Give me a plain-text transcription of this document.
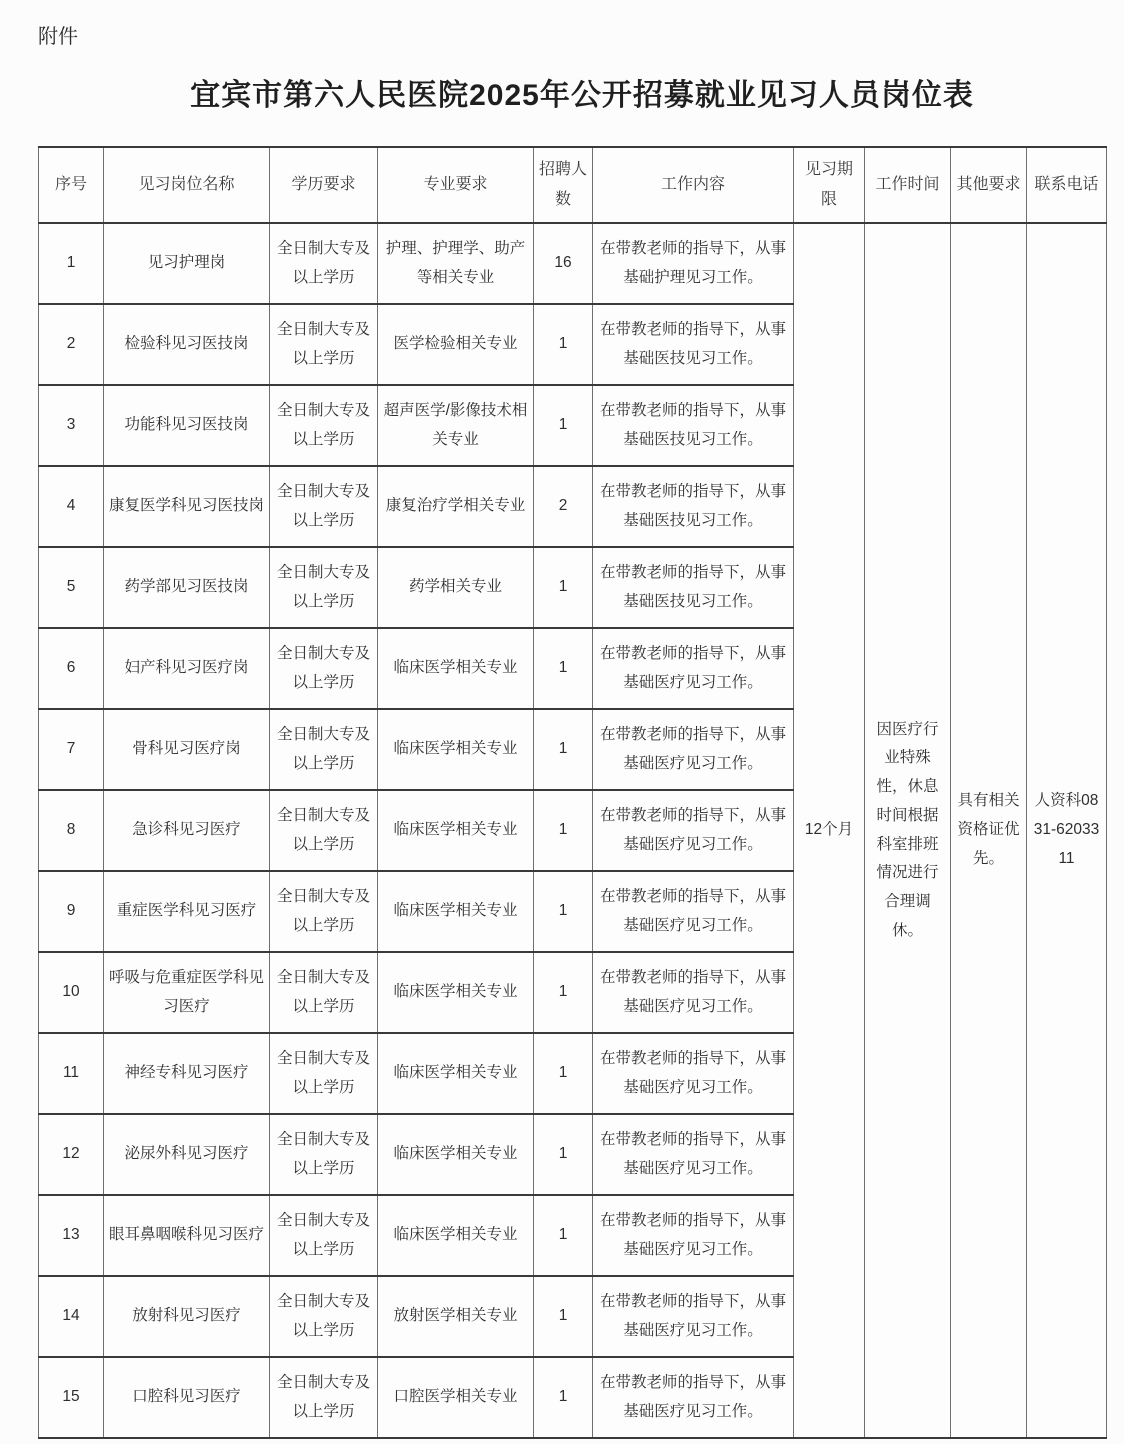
附件
宜宾市第六人民医院2025年公开招募就业见习人员岗位表
序号	见习岗位名称	学历要求	专业要求	招聘人数	工作内容	见习期限	工作时间	其他要求	联系电话
1	见习护理岗	全日制大专及以上学历	护理、护理学、助产等相关专业	16	在带教老师的指导下，从事基础护理见习工作。	12个月	因医疗行业特殊性，休息时间根据科室排班情况进行合理调休。	具有相关资格证优先。	人资科0831-6203311
2	检验科见习医技岗	全日制大专及以上学历	医学检验相关专业	1	在带教老师的指导下，从事基础医技见习工作。				
3	功能科见习医技岗	全日制大专及以上学历	超声医学/影像技术相关专业	1	在带教老师的指导下，从事基础医技见习工作。				
4	康复医学科见习医技岗	全日制大专及以上学历	康复治疗学相关专业	2	在带教老师的指导下，从事基础医技见习工作。				
5	药学部见习医技岗	全日制大专及以上学历	药学相关专业	1	在带教老师的指导下，从事基础医技见习工作。				
6	妇产科见习医疗岗	全日制大专及以上学历	临床医学相关专业	1	在带教老师的指导下，从事基础医疗见习工作。				
7	骨科见习医疗岗	全日制大专及以上学历	临床医学相关专业	1	在带教老师的指导下，从事基础医疗见习工作。				
8	急诊科见习医疗	全日制大专及以上学历	临床医学相关专业	1	在带教老师的指导下，从事基础医疗见习工作。				
9	重症医学科见习医疗	全日制大专及以上学历	临床医学相关专业	1	在带教老师的指导下，从事基础医疗见习工作。				
10	呼吸与危重症医学科见习医疗	全日制大专及以上学历	临床医学相关专业	1	在带教老师的指导下，从事基础医疗见习工作。				
11	神经专科见习医疗	全日制大专及以上学历	临床医学相关专业	1	在带教老师的指导下，从事基础医疗见习工作。				
12	泌尿外科见习医疗	全日制大专及以上学历	临床医学相关专业	1	在带教老师的指导下，从事基础医疗见习工作。				
13	眼耳鼻咽喉科见习医疗	全日制大专及以上学历	临床医学相关专业	1	在带教老师的指导下，从事基础医疗见习工作。				
14	放射科见习医疗	全日制大专及以上学历	放射医学相关专业	1	在带教老师的指导下，从事基础医疗见习工作。				
15	口腔科见习医疗	全日制大专及以上学历	口腔医学相关专业	1	在带教老师的指导下，从事基础医疗见习工作。				
